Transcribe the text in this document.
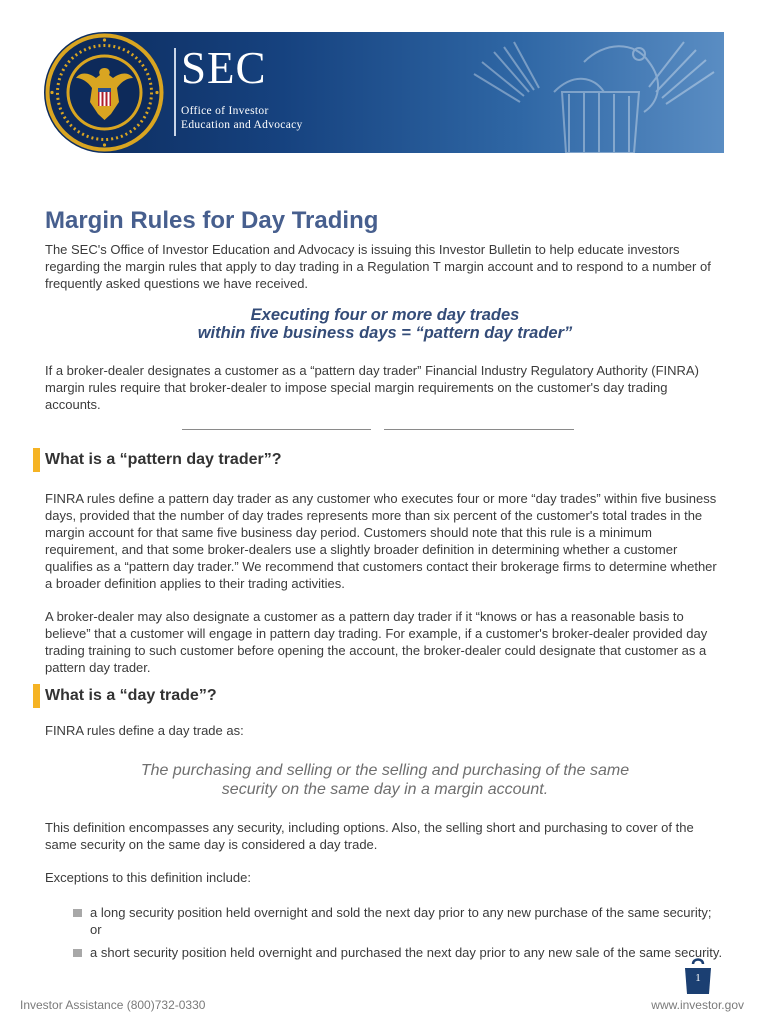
SEC
Office of Investor
Education and Advocacy
Margin Rules for Day Trading

The SEC's Office of Investor Education and Advocacy is issuing this Investor Bulletin to help educate investors regarding the margin rules that apply to day trading in a Regulation T margin account and to respond to a number of frequently asked questions we have received.

Executing four or more day trades
within five business days = “pattern day trader”

If a broker-dealer designates a customer as a “pattern day trader” Financial Industry Regulatory Authority (FINRA) margin rules require that broker-dealer to impose special margin requirements on the customer's day trading accounts.

What is a “pattern day trader”?

FINRA rules define a pattern day trader as any customer who executes four or more “day trades” within five business days, provided that the number of day trades represents more than six percent of the customer's total trades in the margin account for that same five business day period. Customers should note that this rule is a minimum requirement, and that some broker-dealers use a slightly broader definition in determining whether a customer qualifies as a “pattern day trader.” We recommend that customers contact their brokerage firms to determine whether a broader definition applies to their trading activities.

A broker-dealer may also designate a customer as a pattern day trader if it “knows or has a reasonable basis to believe” that a customer will engage in pattern day trading. For example, if a customer's broker-dealer provided day trading training to such customer before opening the account, the broker-dealer could designate that customer as a pattern day trader.

What is a “day trade”?

FINRA rules define a day trade as:

The purchasing and selling or the selling and purchasing of the same
security on the same day in a margin account.

This definition encompasses any security, including options. Also, the selling short and purchasing to cover of the same security on the same day is considered a day trade.

Exceptions to this definition include:

a long security position held overnight and sold the next day prior to any new purchase of the same security; or
a short security position held overnight and purchased the next day prior to any new sale of the same security.
Investor Assistance (800)732-0330	www.investor.gov
1
